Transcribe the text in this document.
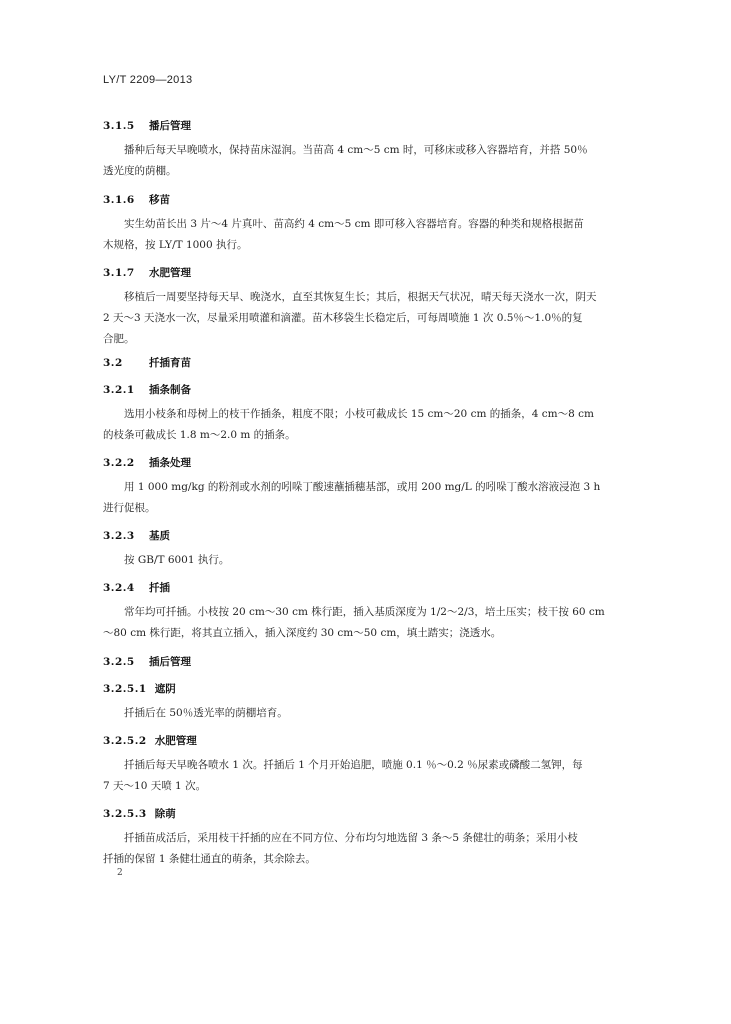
LY/T 2209—2013
3.1.5 播后管理
播种后每天早晚喷水，保持苗床湿润。当苗高 4 cm～5 cm 时，可移床或移入容器培育，并搭 50％
透光度的荫棚。
3.1.6 移苗
实生幼苗长出 3 片～4 片真叶、苗高约 4 cm～5 cm 即可移入容器培育。容器的种类和规格根据苗
木规格，按 LY/T 1000 执行。
3.1.7 水肥管理
移植后一周要坚持每天早、晚浇水，直至其恢复生长；其后，根据天气状况，晴天每天浇水一次，阴天
2 天～3 天浇水一次，尽量采用喷灌和滴灌。苗木移袋生长稳定后，可每周喷施 1 次 0.5％～1.0％的复
合肥。
3.2 扦插育苗
3.2.1 插条制备
选用小枝条和母树上的枝干作插条，粗度不限；小枝可截成长 15 cm～20 cm 的插条，4 cm～8 cm
的枝条可截成长 1.8 m～2.0 m 的插条。
3.2.2 插条处理
用 1 000 mg/kg 的粉剂或水剂的吲哚丁酸速蘸插穗基部，或用 200 mg/L 的吲哚丁酸水溶液浸泡 3 h
进行促根。
3.2.3 基质
按 GB/T 6001 执行。
3.2.4 扦插
常年均可扦插。小枝按 20 cm～30 cm 株行距，插入基质深度为 1/2～2/3，培土压实；枝干按 60 cm
～80 cm 株行距，将其直立插入，插入深度约 30 cm～50 cm，填土踏实；浇透水。
3.2.5 插后管理
3.2.5.1 遮阴
扦插后在 50％透光率的荫棚培育。
3.2.5.2 水肥管理
扦插后每天早晚各喷水 1 次。扦插后 1 个月开始追肥，喷施 0.1 ％～0.2 ％尿素或磷酸二氢钾，每
7 天～10 天喷 1 次。
3.2.5.3 除萌
扦插苗成活后，采用枝干扦插的应在不同方位、分布均匀地选留 3 条～5 条健壮的萌条；采用小枝
扦插的保留 1 条健壮通直的萌条，其余除去。
2
